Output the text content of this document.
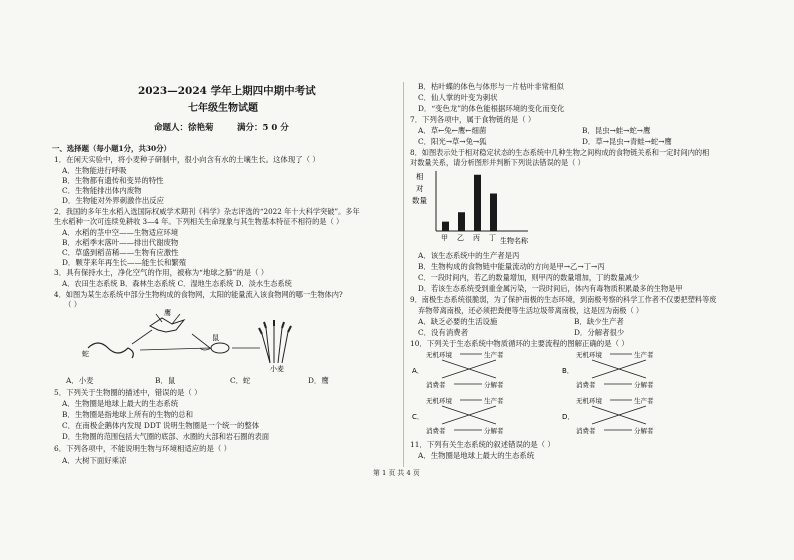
2023—2024 学年上期四中期中考试
七年级生物试题
命题人：徐艳菊	满分：5 0 分
一、选择题（每小题1分，共30分）
1．在闲天实验中，将小麦种子研制中，很小向含有水的土壤生长。这体现了（ ）
A．生物能进行呼吸
B．生物都有遗传和变异的特性
C．生物能排出体内废物
D．生物能对外界刺激作出反应
2．我国的多年生水稻入选国际权威学术期刊《科学》杂志评选的“2022 年十大科学突破”。多年
生水稻种一次可连续免耕收 3—4 年。下列相关生命现象与其生物基本特征不相符的是（ ）
A．水稻的茎中空——生物适应环境
B．水稻季末落叶——排出代谢废物
C．草盛到稻苗稀——生物有应激性
D．颗芽来年再生长——能生长和繁殖
3．具有保持水土，净化空气的作用，被称为“地球之肺”的是（ ）
A．农田生态系统 B．森林生态系统 C．湿地生态系统 D．淡水生态系统
4．如图为某生态系统中部分生物构成的食物网，太阳的能量流入该食物网的哪一生物体内?
（ ）
鹰
蛇
鼠
小麦
A．小麦	B．鼠	C．蛇	D．鹰
5．下列关于生物圈的描述中，错误的是（ ）
A．生物圈是地球上最大的生态系统
B．生物圈是指地球上所有的生物的总和
C．在南极企鹅体内发现 DDT 说明生物圈是一个统一的整体
D．生物圈的范围包括大气圈的底部、水圈的大部和岩石圈的表面
6．下列各项中，不能说明生物与环境相适应的是（ ）
A．大树下面好乘凉
B．枯叶蝶的体色与体形与一片枯叶非常相似
C．仙人掌的叶变为刺状
D．“变色龙”的体色能根据环境的变化而变化
7．下列各项中，属于食物链的是（ ）
A．草←兔←鹰←细菌	B．昆虫→蛙→蛇→鹰
C．阳光→草→兔→狐	D．草→昆虫→青蛙→蛇→鹰
8．如图表示处于相对稳定状态的生态系统中几种生物之间构成的食物链关系和一定时间内的相
对数量关系，请分析图形并判断下列说法错误的是（ ）
相
对
数量
甲 乙 丙 丁 生物名称
A．该生态系统中的生产者是丙
B．生物构成的食物链中能量流动的方向是甲→乙→丁→丙
C．一段时间内，若乙的数量增加，则甲丙的数量增加，丁的数量减少
D．若该生态系统受到重金属污染，一段时间后，体内有毒物质积累最多的生物是甲
9．南极生态系统很脆弱，为了保护南极的生态环境，到南极考察的科学工作者不仅要把塑料等废
弃物带离南极，还必须把粪便等生活垃圾带离南极，这是因为南极（ ）
A．缺乏必要的生活设施	B．缺少生产者
C．没有消费者	D．分解者很少
10．下列关于生态系统中物质循环的主要流程的图解正确的是（ ）
A．
无机环境	生产者
消费者	分解者
B．
无机环境	生产者
消费者	分解者
C．
无机环境	生产者
消费者	分解者
D．
无机环境	生产者
消费者	分解者
11．下列有关生态系统的叙述错误的是（ ）
A．生物圈是地球上最大的生态系统
第 1 页 共 4 页
